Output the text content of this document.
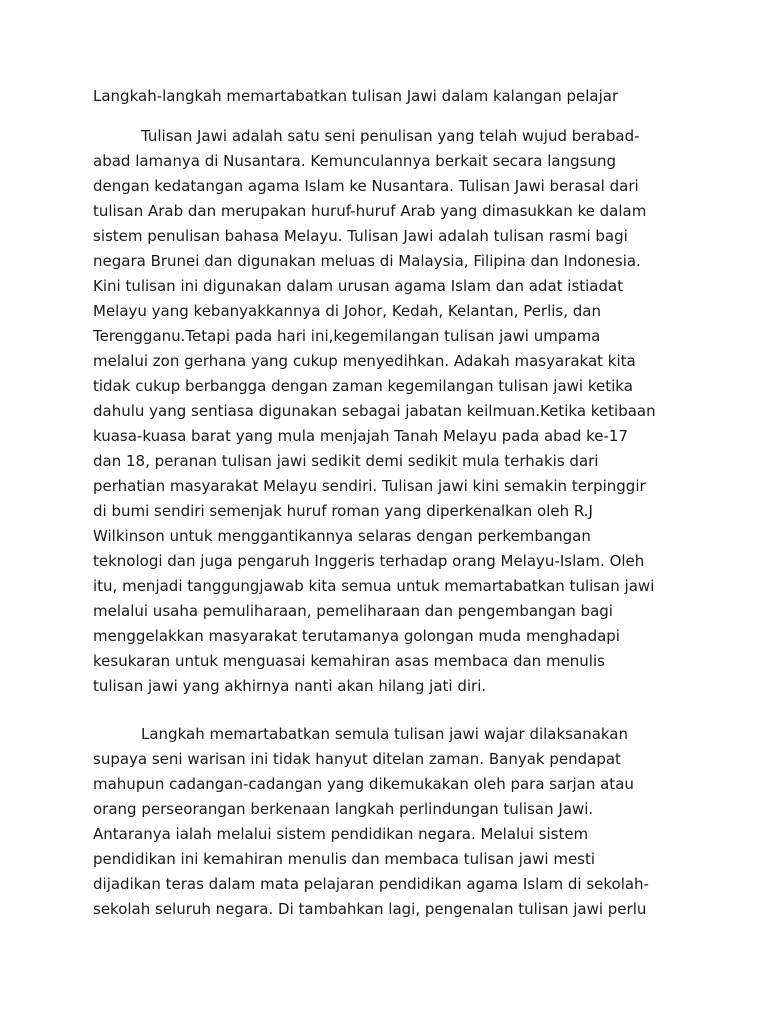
Langkah-langkah memartabatkan tulisan Jawi dalam kalangan pelajar
Tulisan Jawi adalah satu seni penulisan yang telah wujud berabad-
abad lamanya di Nusantara. Kemunculannya berkait secara langsung
dengan kedatangan agama Islam ke Nusantara. Tulisan Jawi berasal dari
tulisan Arab dan merupakan huruf-huruf Arab yang dimasukkan ke dalam
sistem penulisan bahasa Melayu. Tulisan Jawi adalah tulisan rasmi bagi
negara Brunei dan digunakan meluas di Malaysia, Filipina dan Indonesia.
Kini tulisan ini digunakan dalam urusan agama Islam dan adat istiadat
Melayu yang kebanyakkannya di Johor, Kedah, Kelantan, Perlis, dan
Terengganu.Tetapi pada hari ini,kegemilangan tulisan jawi umpama
melalui zon gerhana yang cukup menyedihkan. Adakah masyarakat kita
tidak cukup berbangga dengan zaman kegemilangan tulisan jawi ketika
dahulu yang sentiasa digunakan sebagai jabatan keilmuan.Ketika ketibaan
kuasa-kuasa barat yang mula menjajah Tanah Melayu pada abad ke-17
dan 18, peranan tulisan jawi sedikit demi sedikit mula terhakis dari
perhatian masyarakat Melayu sendiri. Tulisan jawi kini semakin terpinggir
di bumi sendiri semenjak huruf roman yang diperkenalkan oleh R.J
Wilkinson untuk menggantikannya selaras dengan perkembangan
teknologi dan juga pengaruh Inggeris terhadap orang Melayu-Islam. Oleh
itu, menjadi tanggungjawab kita semua untuk memartabatkan tulisan jawi
melalui usaha pemuliharaan, pemeliharaan dan pengembangan bagi
menggelakkan masyarakat terutamanya golongan muda menghadapi
kesukaran untuk menguasai kemahiran asas membaca dan menulis
tulisan jawi yang akhirnya nanti akan hilang jati diri.
Langkah memartabatkan semula tulisan jawi wajar dilaksanakan
supaya seni warisan ini tidak hanyut ditelan zaman. Banyak pendapat
mahupun cadangan-cadangan yang dikemukakan oleh para sarjan atau
orang perseorangan berkenaan langkah perlindungan tulisan Jawi.
Antaranya ialah melalui sistem pendidikan negara. Melalui sistem
pendidikan ini kemahiran menulis dan membaca tulisan jawi mesti
dijadikan teras dalam mata pelajaran pendidikan agama Islam di sekolah-
sekolah seluruh negara. Di tambahkan lagi, pengenalan tulisan jawi perlu
